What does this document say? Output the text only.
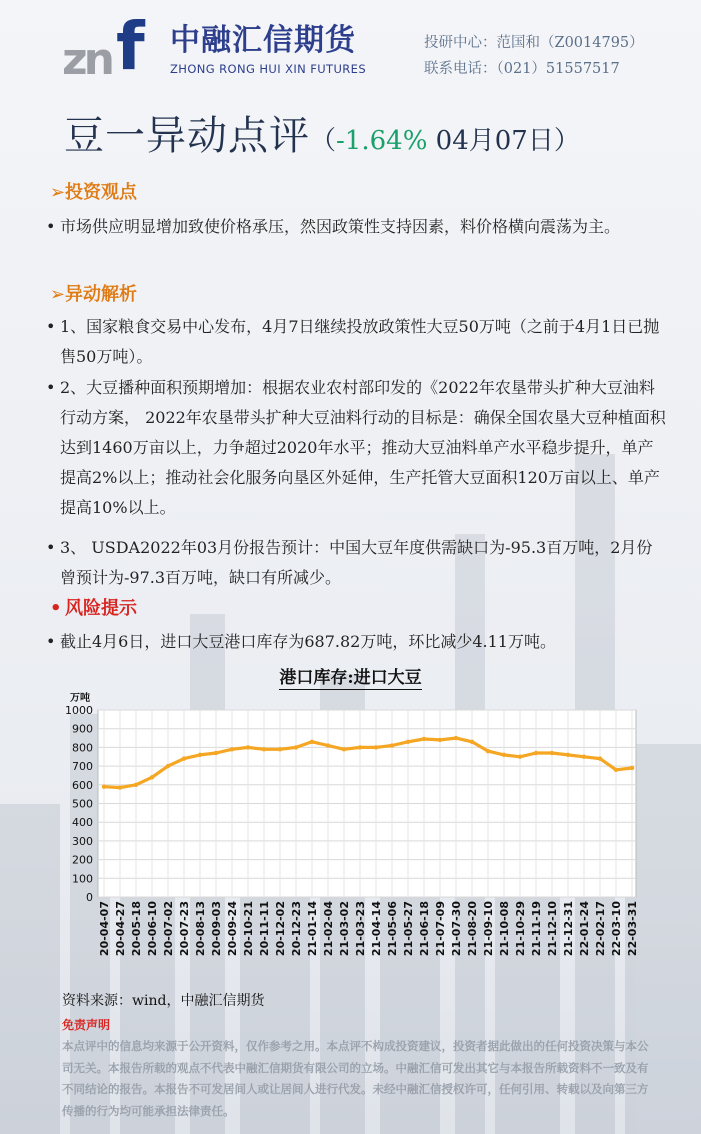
zn f 中融汇信期货
ZHONG RONG HUI XIN FUTURES
投研中心：范国和（Z0014795）
联系电话：（021）51557517
豆一异动点评（-1.64% 04月07日）
➢投资观点
• 市场供应明显增加致使价格承压，然因政策性支持因素，料价格横向震荡为主。
➢异动解析
• 1、国家粮食交易中心发布，4月7日继续投放政策性大豆50万吨（之前于4月1日已抛售50万吨）。
• 2、大豆播种面积预期增加：根据农业农村部印发的《2022年农垦带头扩种大豆油料行动方案， 2022年农垦带头扩种大豆油料行动的目标是：确保全国农垦大豆种植面积达到1460万亩以上，力争超过2020年水平；推动大豆油料单产水平稳步提升，单产提高2%以上；推动社会化服务向垦区外延伸，生产托管大豆面积120万亩以上、单产提高10%以上。
• 3、 USDA2022年03月份报告预计：中国大豆年度供需缺口为-95.3百万吨，2月份曾预计为-97.3百万吨，缺口有所减少。
• 风险提示
• 截止4月6日，进口大豆港口库存为687.82万吨，环比减少4.11万吨。
港口库存:进口大豆
0
100
200
300
400
500
600
700
800
900
1000
万吨
20-04-07 20-04-27 20-05-18 20-06-10 20-07-02 20-07-23 20-08-13 20-09-03 20-09-24 20-10-21 20-11-11 20-12-02 20-12-23 21-01-14 21-02-04 21-03-02 21-03-23 21-04-14 21-05-06 21-05-27 21-06-18 21-07-09 21-07-30 21-08-20 21-09-10 21-10-08 21-10-29 21-11-19 21-12-10 21-12-31 22-01-24 22-02-17 22-03-10 22-03-31
资料来源：wind，中融汇信期货
免责声明
本点评中的信息均来源于公开资料，仅作参考之用。本点评不构成投资建议，投资者据此做出的任何投资决策与本公司无关。本报告所载的观点不代表中融汇信期货有限公司的立场。中融汇信可发出其它与本报告所载资料不一致及有不同结论的报告。本报告不可发居间人或让居间人进行代发。未经中融汇信授权许可，任何引用、转载以及向第三方传播的行为均可能承担法律责任。
